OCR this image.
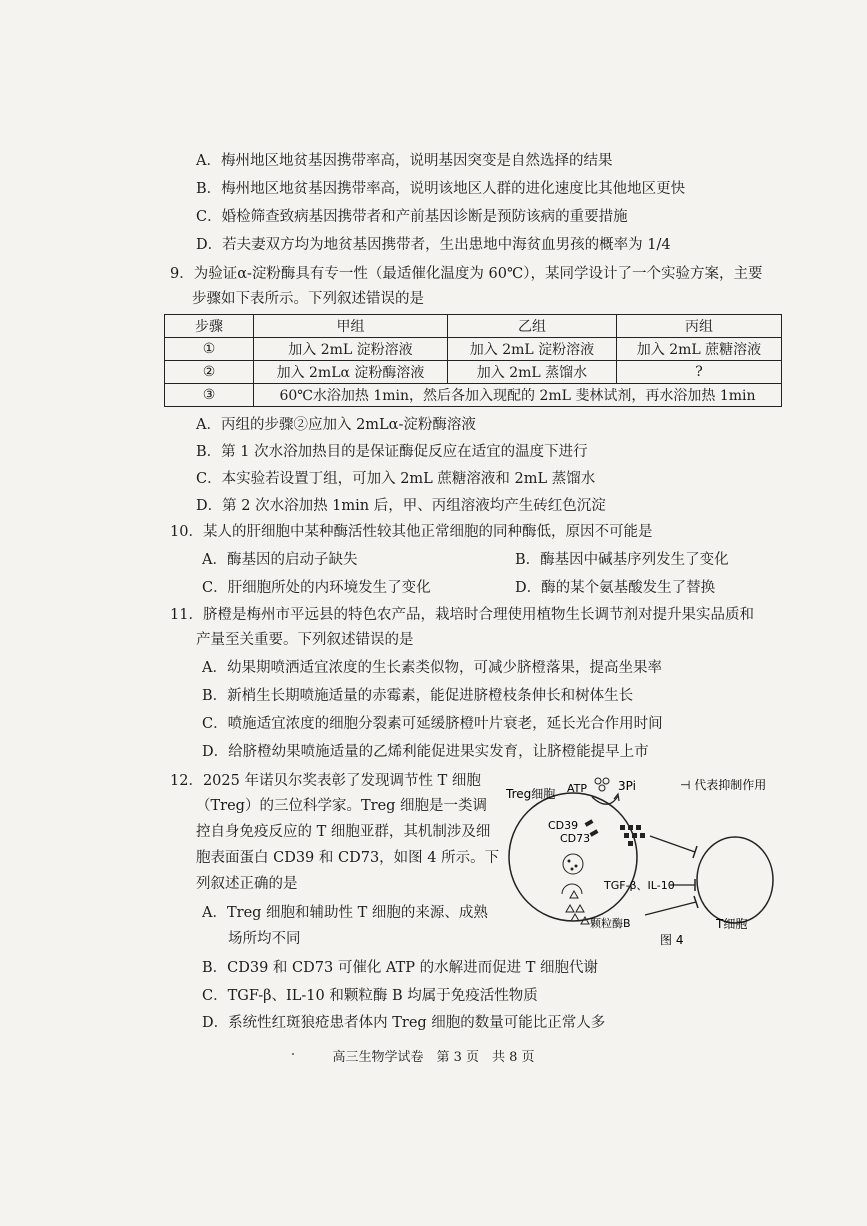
A．梅州地区地贫基因携带率高，说明基因突变是自然选择的结果
B．梅州地区地贫基因携带率高，说明该地区人群的进化速度比其他地区更快
C．婚检筛查致病基因携带者和产前基因诊断是预防该病的重要措施
D．若夫妻双方均为地贫基因携带者，生出患地中海贫血男孩的概率为 1/4
9．为验证α-淀粉酶具有专一性（最适催化温度为 60℃），某同学设计了一个实验方案，主要
步骤如下表所示。下列叙述错误的是
步骤	甲组	乙组	丙组
①	加入 2mL 淀粉溶液	加入 2mL 淀粉溶液	加入 2mL 蔗糖溶液
②	加入 2mLα 淀粉酶溶液	加入 2mL 蒸馏水	?
③	60℃水浴加热 1min，然后各加入现配的 2mL 斐林试剂，再水浴加热 1min		
A．丙组的步骤②应加入 2mLα-淀粉酶溶液
B．第 1 次水浴加热目的是保证酶促反应在适宜的温度下进行
C．本实验若设置丁组，可加入 2mL 蔗糖溶液和 2mL 蒸馏水
D．第 2 次水浴加热 1min 后，甲、丙组溶液均产生砖红色沉淀
10．某人的肝细胞中某种酶活性较其他正常细胞的同种酶低，原因不可能是
A．酶基因的启动子缺失	B．酶基因中碱基序列发生了变化
C．肝细胞所处的内环境发生了变化	D．酶的某个氨基酸发生了替换
11．脐橙是梅州市平远县的特色农产品，栽培时合理使用植物生长调节剂对提升果实品质和
产量至关重要。下列叙述错误的是
A．幼果期喷洒适宜浓度的生长素类似物，可减少脐橙落果，提高坐果率
B．新梢生长期喷施适量的赤霉素，能促进脐橙枝条伸长和树体生长
C．喷施适宜浓度的细胞分裂素可延缓脐橙叶片衰老，延长光合作用时间
D．给脐橙幼果喷施适量的乙烯利能促进果实发育，让脐橙能提早上市
12．2025 年诺贝尔奖表彰了发现调节性 T 细胞
（Treg）的三位科学家。Treg 细胞是一类调
控自身免疫反应的 T 细胞亚群，其机制涉及细
胞表面蛋白 CD39 和 CD73，如图 4 所示。下
列叙述正确的是
A．Treg 细胞和辅助性 T 细胞的来源、成熟
场所均不同
B．CD39 和 CD73 可催化 ATP 的水解进而促进 T 细胞代谢
C．TGF-β、IL-10 和颗粒酶 B 均属于免疫活性物质
D．系统性红斑狼疮患者体内 Treg 细胞的数量可能比正常人多
⊣ 代表抑制作用
Treg细胞 ATP	3Pi
CD39
CD73
TGF-β、IL-10
颗粒酶B	T细胞
图 4
高三生物学试卷　第 3 页　共 8 页
